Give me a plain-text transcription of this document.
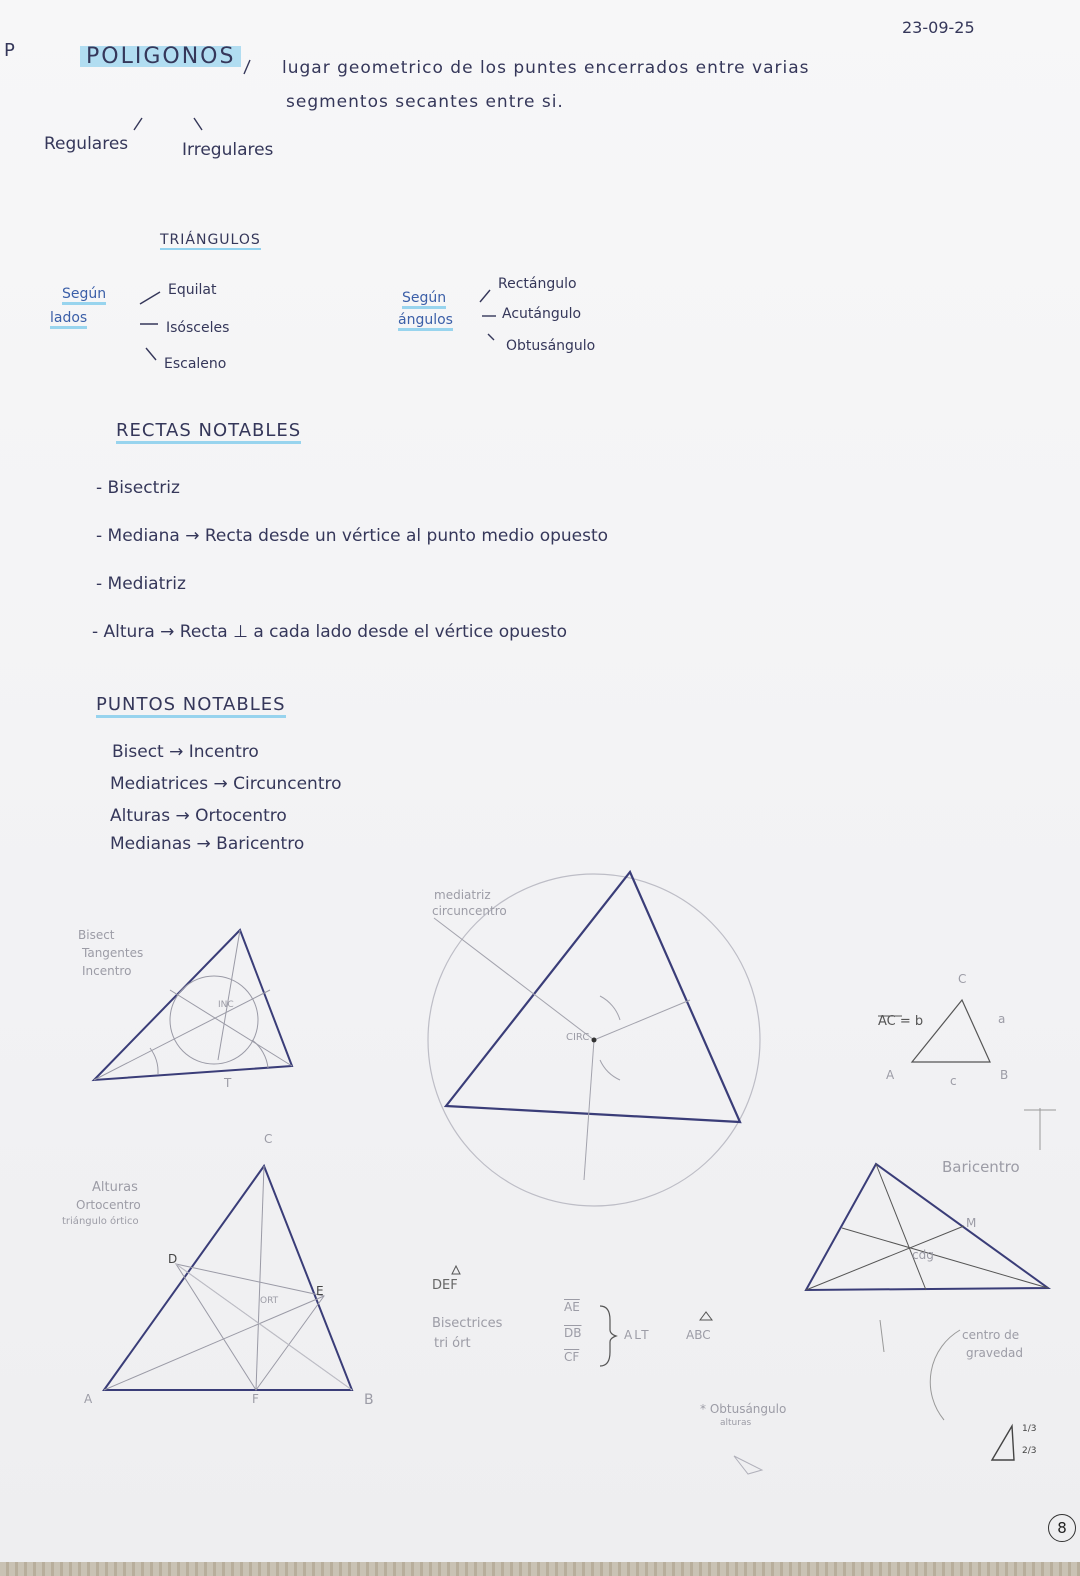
23-09-25
P	POLIGONOS	lugar geometrico de los puntes encerrados entre varias
segmentos secantes entre si.
Regulares	Irregulares
TRIÁNGULOS
Según
lados
Equilat
Isósceles
Escaleno
Según
ángulos
Rectángulo
Acutángulo
Obtusángulo
RECTAS NOTABLES
- Bisectriz
- Mediana → Recta desde un vértice al punto medio opuesto
- Mediatriz
- Altura → Recta ⊥ a cada lado desde el vértice opuesto
PUNTOS NOTABLES
Bisect → Incentro
Mediatrices → Circuncentro
Alturas → Ortocentro
Medianas → Baricentro
Bisect
Tangentes
Incentro
T
INC
mediatriz
circuncentro
CIRC
AC = b
A	B
C
a
c
Alturas
Ortocentro
triángulo órtico
ORT
A	B
C
D
E
F
DEF
Bisectrices
tri órt
$\overline{AE}$
$\overline{DB}$
$\overline{CF}$
ALT	ABC
Baricentro
cdg
M
centro de
gravedad
1/3
2/3
* Obtusángulo
alturas
8
